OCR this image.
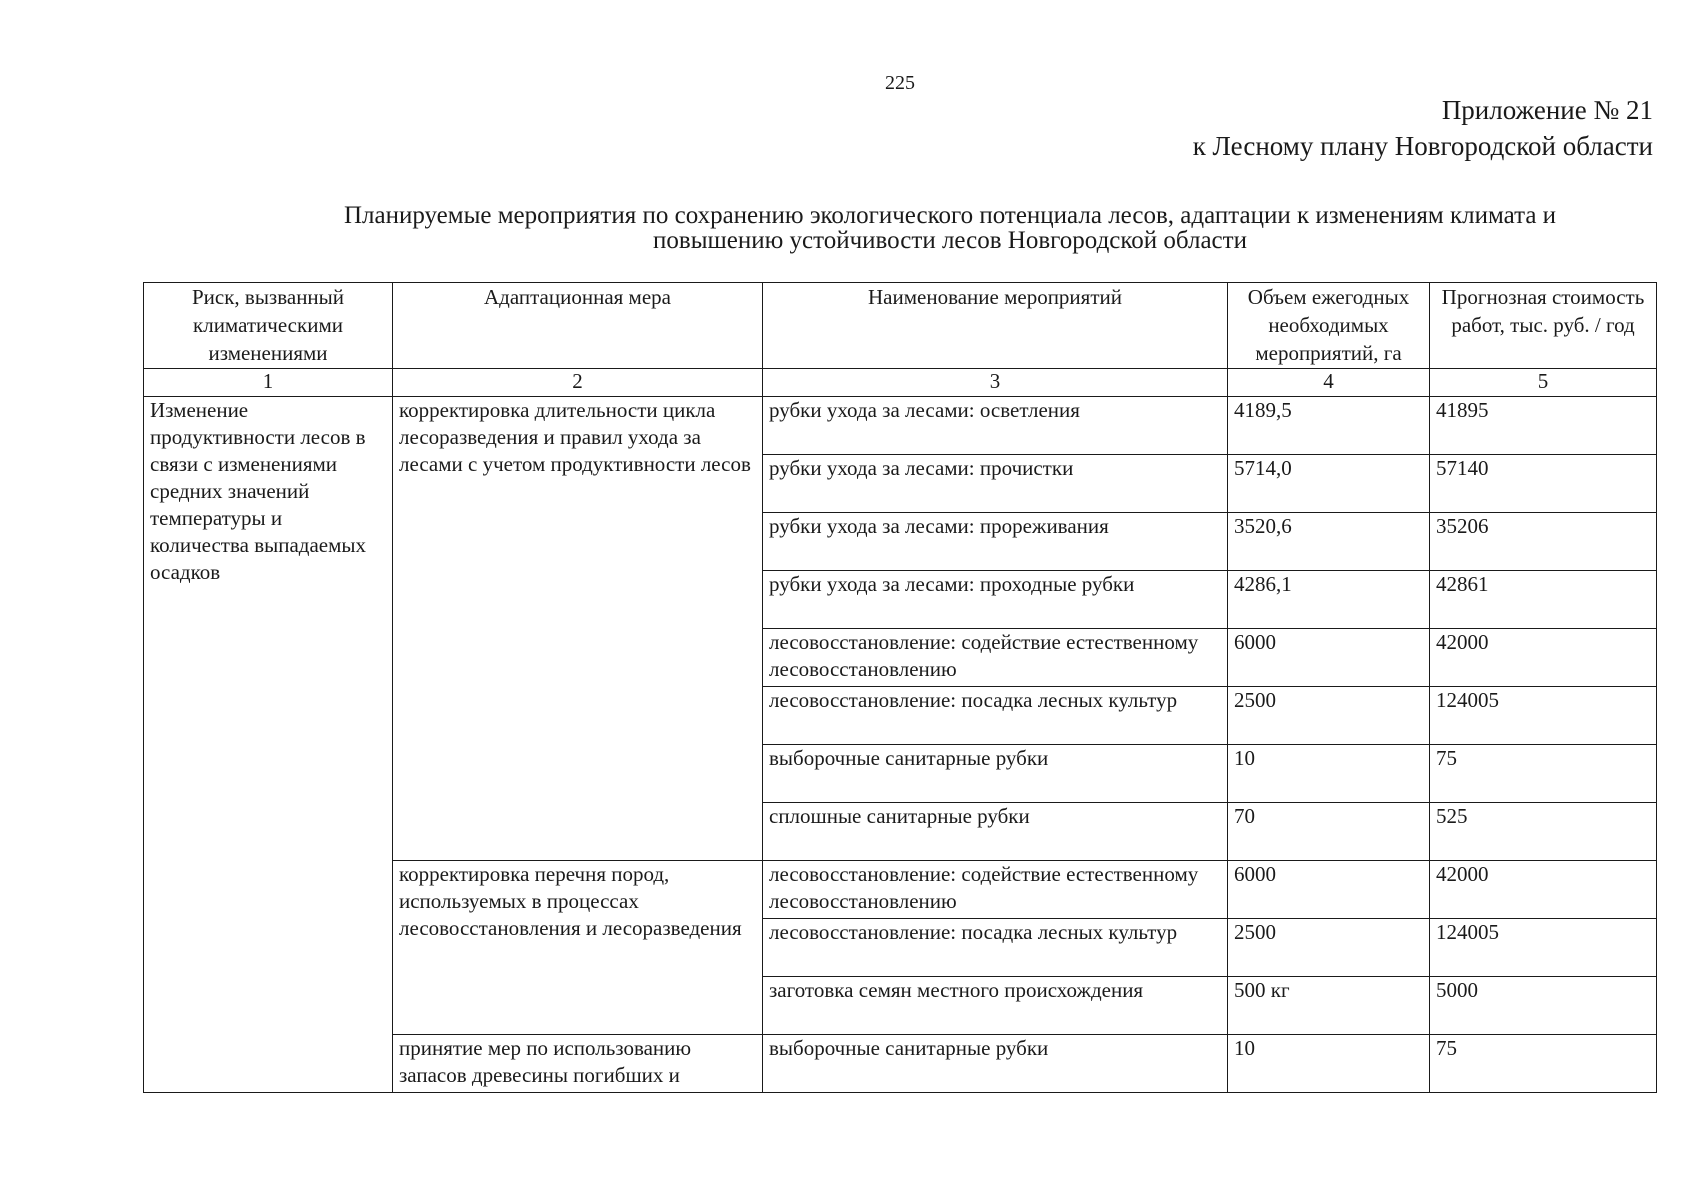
225
Приложение № 21
к Лесному плану Новгородской области
Планируемые мероприятия по сохранению экологического потенциала лесов, адаптации к изменениям климата и
повышению устойчивости лесов Новгородской области
Риск, вызванный климатическими изменениями	Адаптационная мера	Наименование мероприятий	Объем ежегодных необходимых мероприятий, га	Прогнозная стоимость работ, тыс. руб. / год
1	2	3	4	5
Изменение продуктивности лесов в связи с изменениями средних значений температуры и количества выпадаемых осадков	корректировка длительности цикла лесоразведения и правил ухода за лесами с учетом продуктивности лесов	рубки ухода за лесами: осветления	4189,5	41895
		рубки ухода за лесами: прочистки	5714,0	57140
		рубки ухода за лесами: прореживания	3520,6	35206
		рубки ухода за лесами: проходные рубки	4286,1	42861
		лесовосстановление: содействие естественному лесовосстановлению	6000	42000
		лесовосстановление: посадка лесных культур	2500	124005
		выборочные санитарные рубки	10	75
		сплошные санитарные рубки	70	525
	корректировка перечня пород, используемых в процессах лесовосстановления и лесоразведения	лесовосстановление: содействие естественному лесовосстановлению	6000	42000
		лесовосстановление: посадка лесных культур	2500	124005
		заготовка семян местного происхождения	500 кг	5000
	принятие мер по использованию запасов древесины погибших и	выборочные санитарные рубки	10	75
